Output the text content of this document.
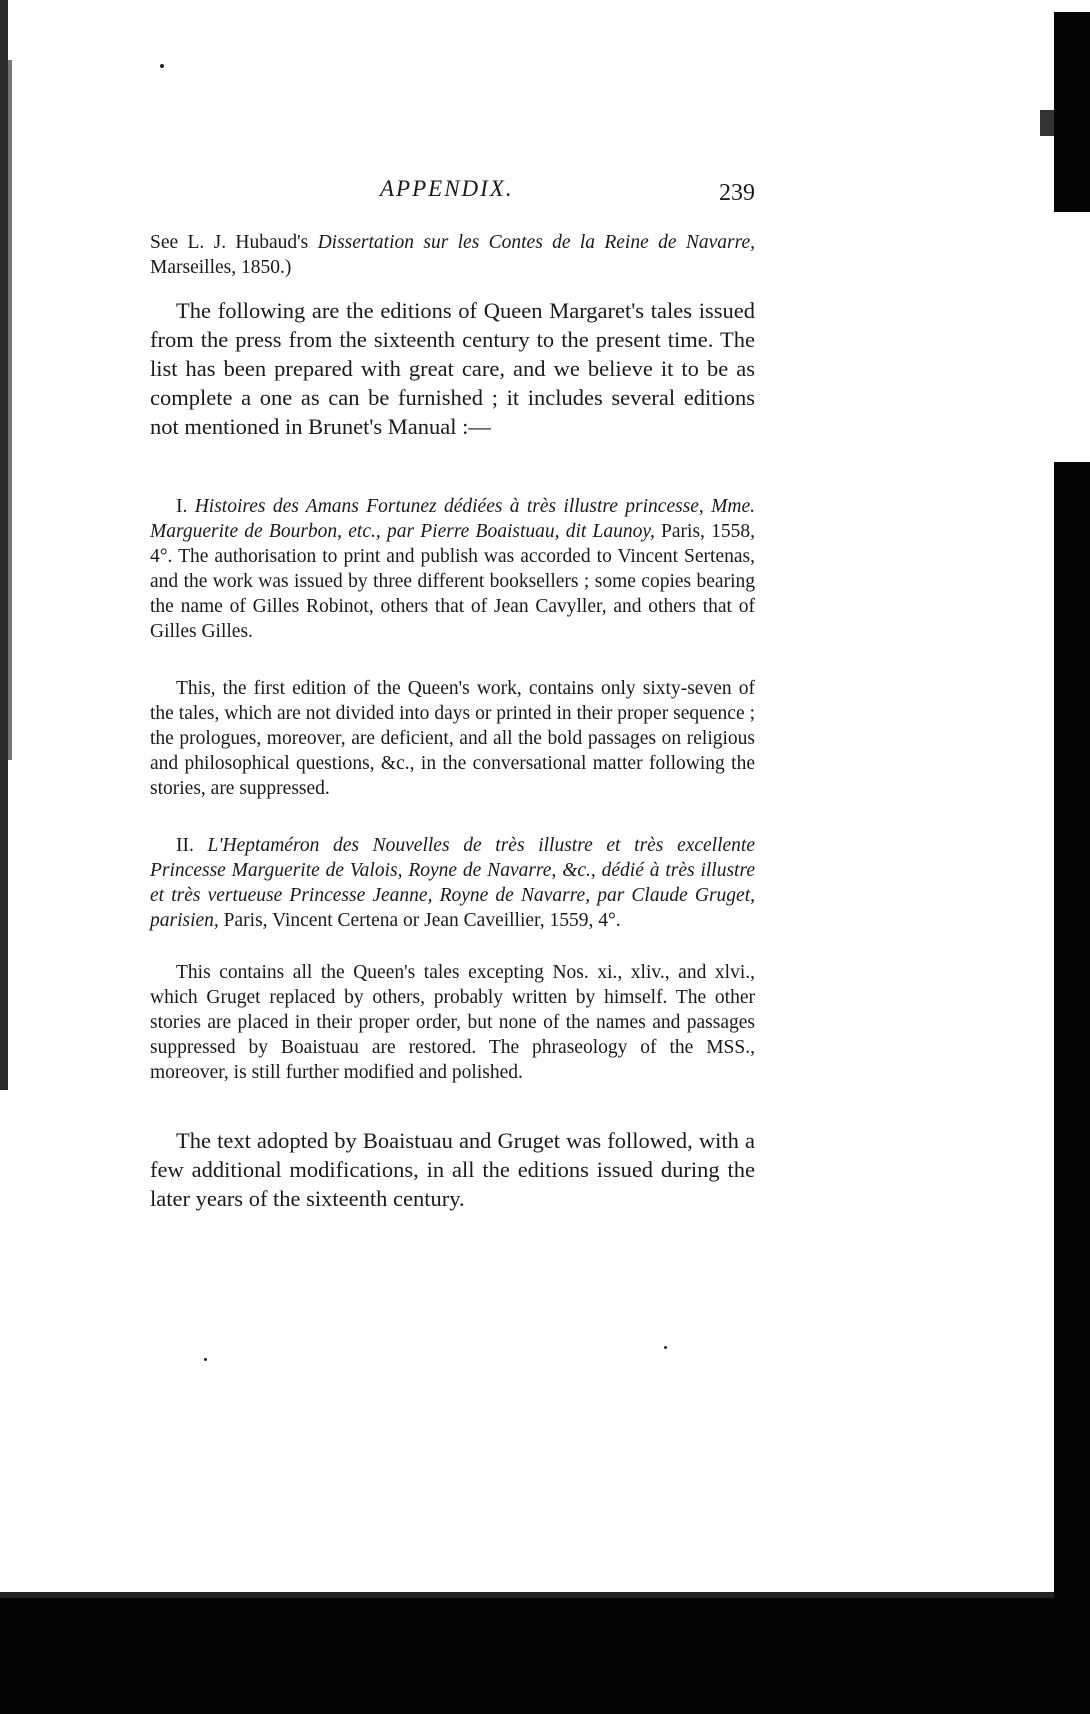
APPENDIX.	239

See L. J. Hubaud's Dissertation sur les Contes de la Reine de Navarre, Marseilles, 1850.)

The following are the editions of Queen Margaret's tales issued from the press from the sixteenth century to the present time. The list has been prepared with great care, and we believe it to be as complete a one as can be furnished ; it includes several editions not mentioned in Brunet's Manual :—

I. Histoires des Amans Fortunez dédiées à très illustre princesse, Mme. Marguerite de Bourbon, etc., par Pierre Boaistuau, dit Launoy, Paris, 1558, 4°. The authorisation to print and publish was accorded to Vincent Sertenas, and the work was issued by three different booksellers ; some copies bearing the name of Gilles Robinot, others that of Jean Cavyller, and others that of Gilles Gilles.

This, the first edition of the Queen's work, contains only sixty-seven of the tales, which are not divided into days or printed in their proper sequence ; the prologues, moreover, are deficient, and all the bold passages on religious and philosophical questions, &c., in the conversational matter following the stories, are suppressed.

II. L'Heptaméron des Nouvelles de très illustre et très excellente Princesse Marguerite de Valois, Royne de Navarre, &c., dédié à très illustre et très vertueuse Princesse Jeanne, Royne de Navarre, par Claude Gruget, parisien, Paris, Vincent Certena or Jean Caveillier, 1559, 4°.

This contains all the Queen's tales excepting Nos. xi., xliv., and xlvi., which Gruget replaced by others, probably written by himself. The other stories are placed in their proper order, but none of the names and passages suppressed by Boaistuau are restored. The phraseology of the MSS., moreover, is still further modified and polished.

The text adopted by Boaistuau and Gruget was followed, with a few additional modifications, in all the editions issued during the later years of the sixteenth century.
